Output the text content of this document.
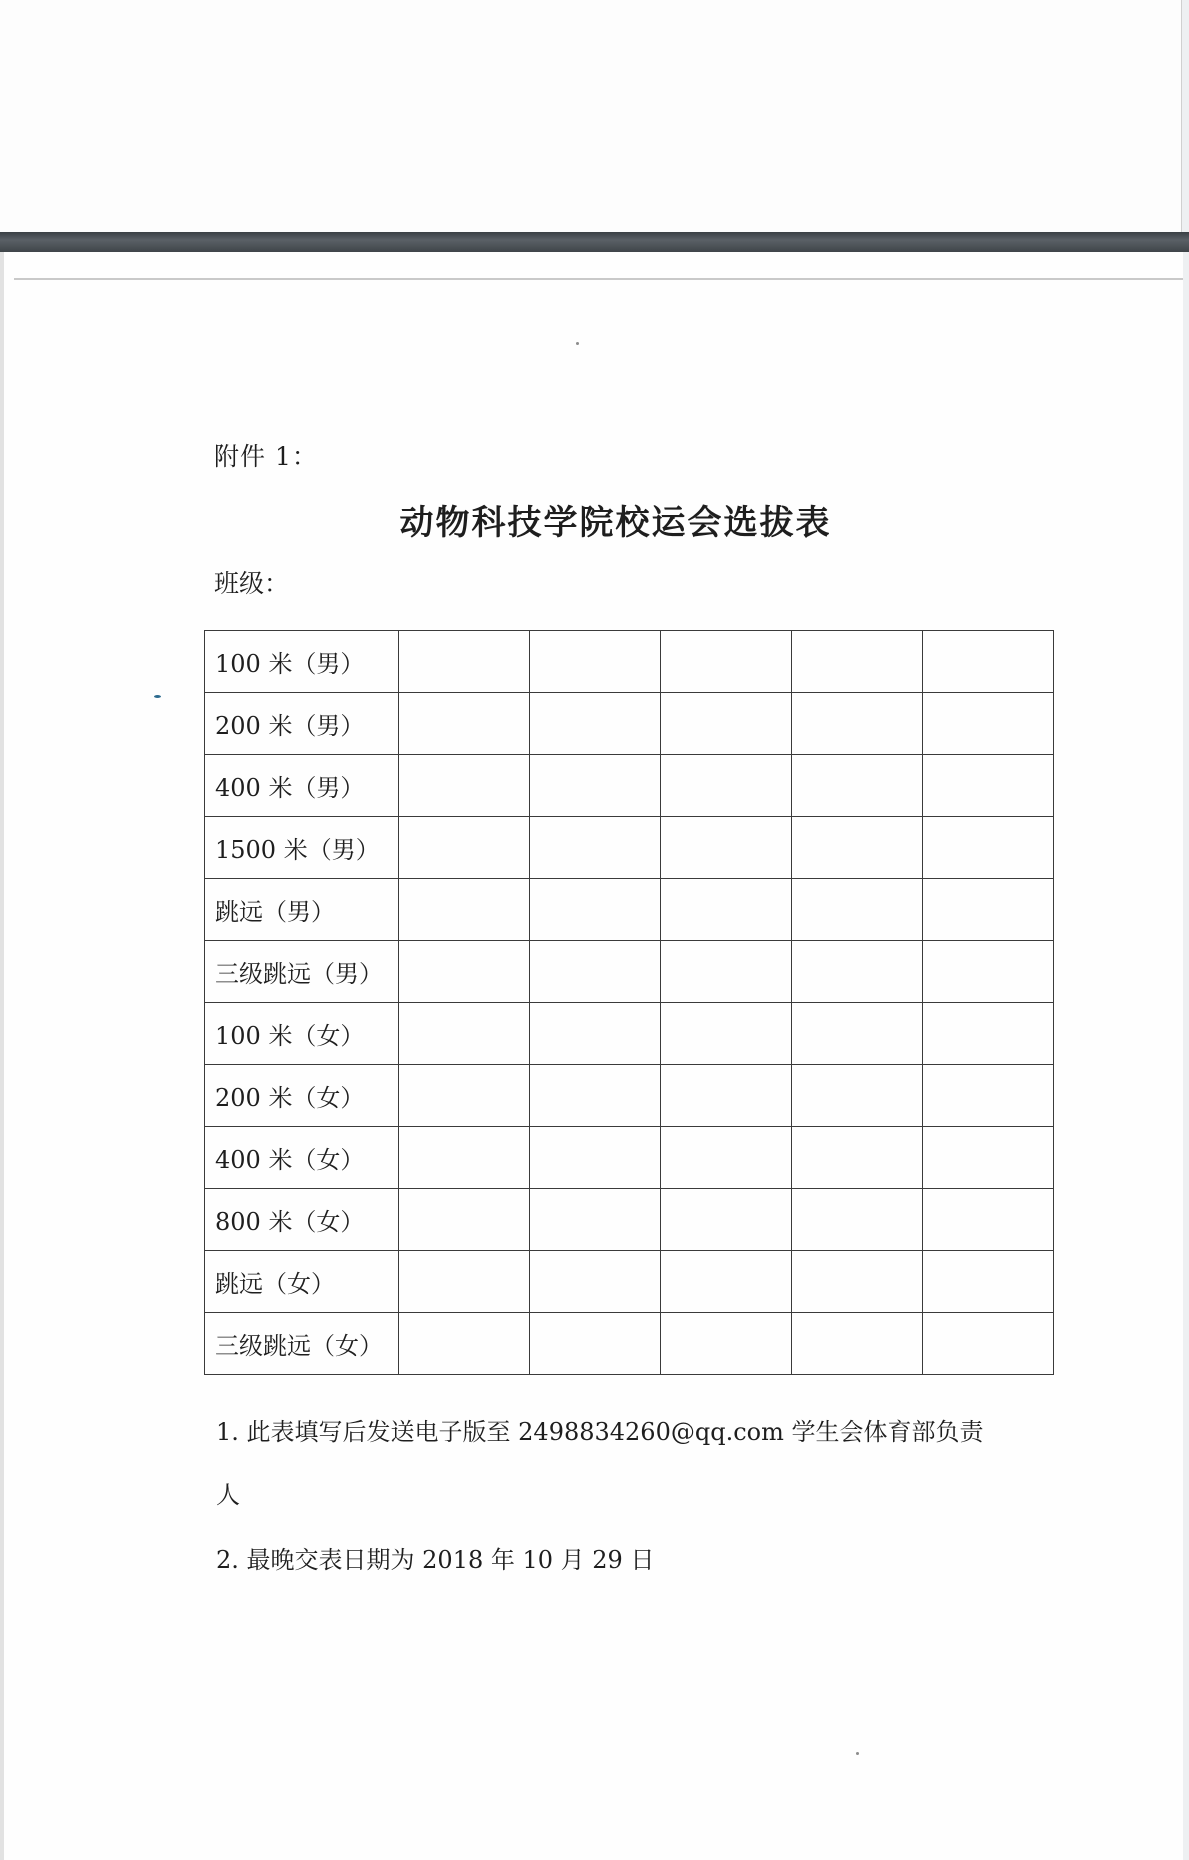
附件 1：
动物科技学院校运会选拔表
班级：
100 米（男）					
200 米（男）					
400 米（男）					
1500 米（男）					
跳远（男）					
三级跳远（男）					
100 米（女）					
200 米（女）					
400 米（女）					
800 米（女）					
跳远（女）					
三级跳远（女）					
1. 此表填写后发送电子版至 2498834260@qq.com 学生会体育部负责
人
2. 最晚交表日期为 2018 年 10 月 29 日
